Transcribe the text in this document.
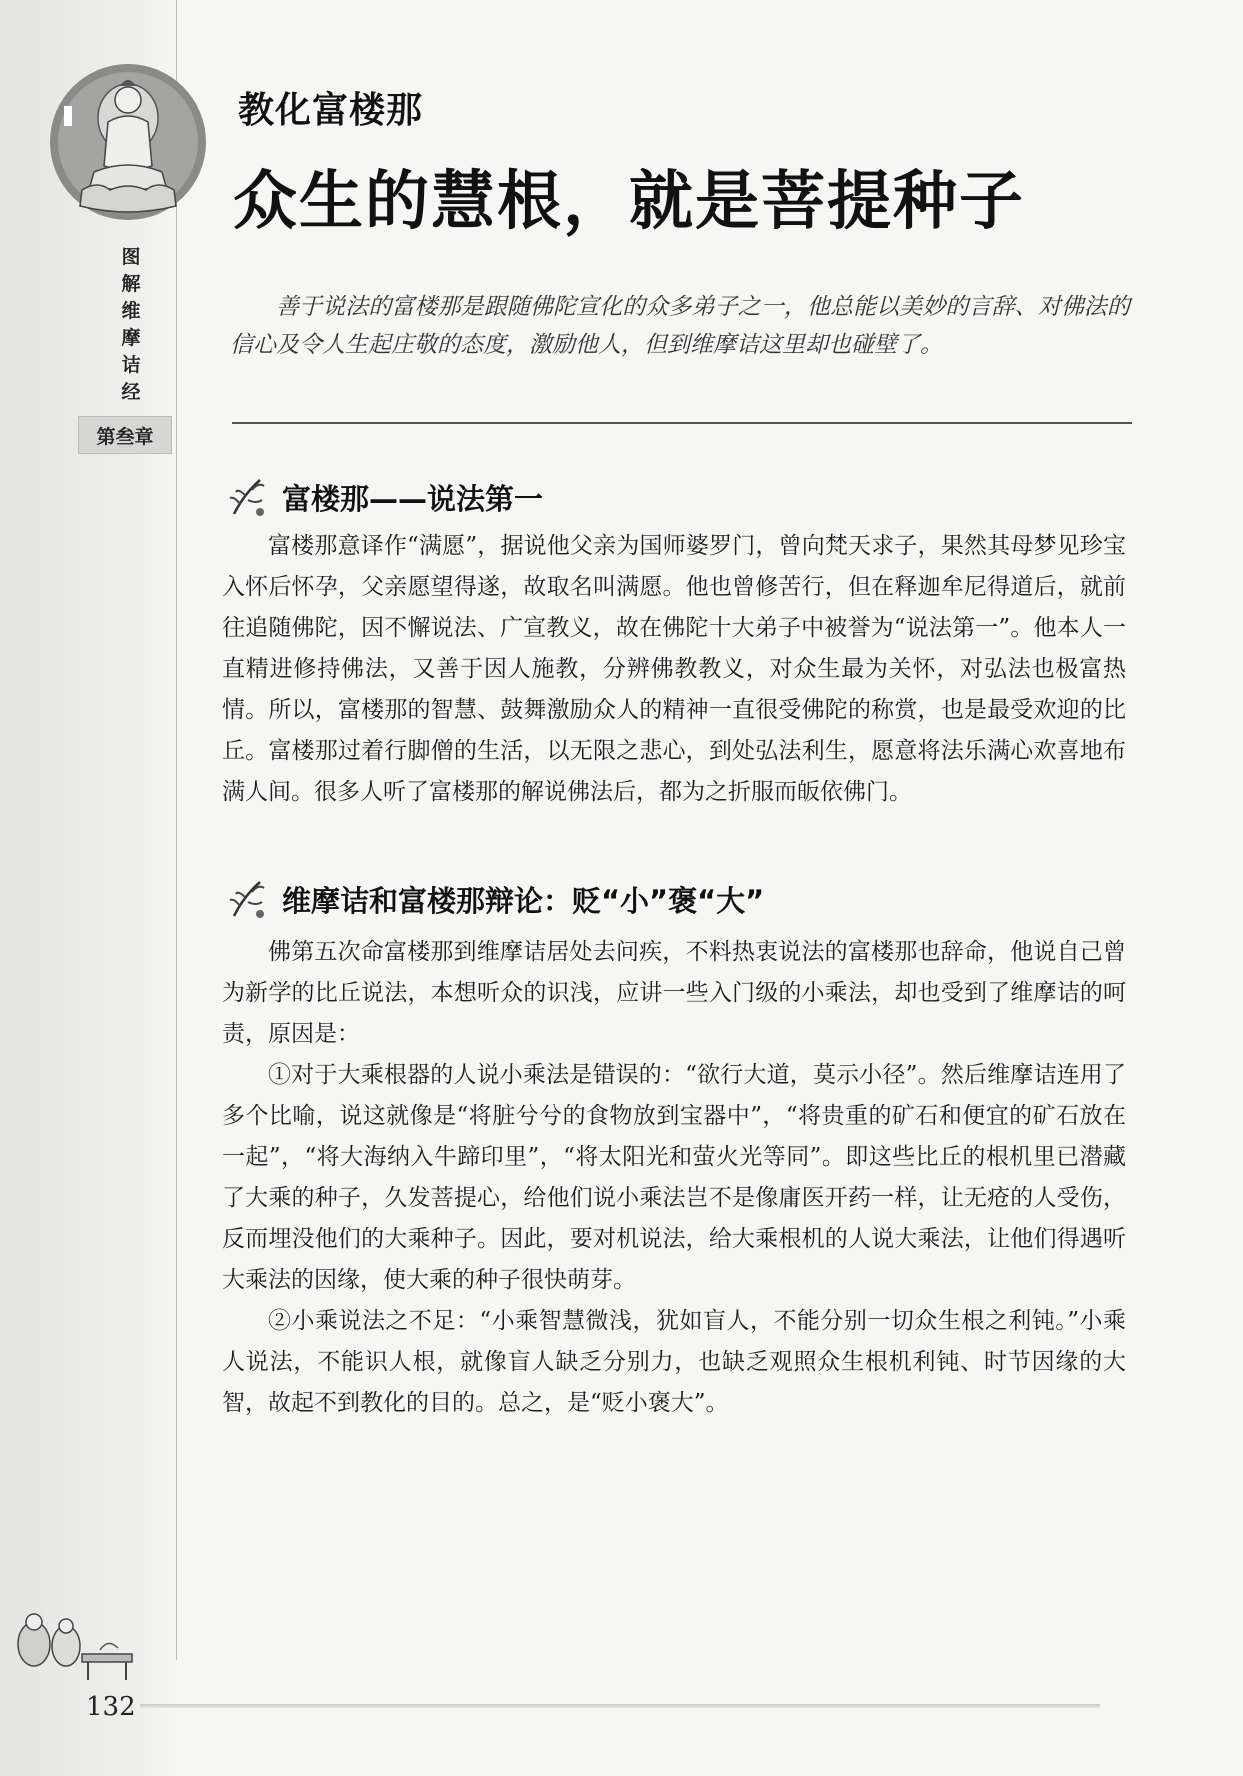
图解维摩诘经
第叁章
教化富楼那
众生的慧根，就是菩提种子
善于说法的富楼那是跟随佛陀宣化的众多弟子之一，他总能以美妙的言辞、对佛法的信心及令人生起庄敬的态度，激励他人，但到维摩诘这里却也碰壁了。
富楼那——说法第一

富楼那意译作“满愿”，据说他父亲为国师婆罗门，曾向梵天求子，果然其母梦见珍宝入怀后怀孕，父亲愿望得遂，故取名叫满愿。他也曾修苦行，但在释迦牟尼得道后，就前往追随佛陀，因不懈说法、广宣教义，故在佛陀十大弟子中被誉为“说法第一”。他本人一直精进修持佛法，又善于因人施教，分辨佛教教义，对众生最为关怀，对弘法也极富热情。所以，富楼那的智慧、鼓舞激励众人的精神一直很受佛陀的称赏，也是最受欢迎的比丘。富楼那过着行脚僧的生活，以无限之悲心，到处弘法利生，愿意将法乐满心欢喜地布满人间。很多人听了富楼那的解说佛法后，都为之折服而皈依佛门。

维摩诘和富楼那辩论：贬“小”褒“大”

佛第五次命富楼那到维摩诘居处去问疾，不料热衷说法的富楼那也辞命，他说自己曾为新学的比丘说法，本想听众的识浅，应讲一些入门级的小乘法，却也受到了维摩诘的呵责，原因是：

①对于大乘根器的人说小乘法是错误的：“欲行大道，莫示小径”。然后维摩诘连用了多个比喻，说这就像是“将脏兮兮的食物放到宝器中”，“将贵重的矿石和便宜的矿石放在一起”，“将大海纳入牛蹄印里”，“将太阳光和萤火光等同”。即这些比丘的根机里已潜藏了大乘的种子，久发菩提心，给他们说小乘法岂不是像庸医开药一样，让无疮的人受伤，反而埋没他们的大乘种子。因此，要对机说法，给大乘根机的人说大乘法，让他们得遇听大乘法的因缘，使大乘的种子很快萌芽。

②小乘说法之不足：“小乘智慧微浅，犹如盲人，不能分别一切众生根之利钝。”小乘人说法，不能识人根，就像盲人缺乏分别力，也缺乏观照众生根机利钝、时节因缘的大智，故起不到教化的目的。总之，是“贬小褒大”。

132
